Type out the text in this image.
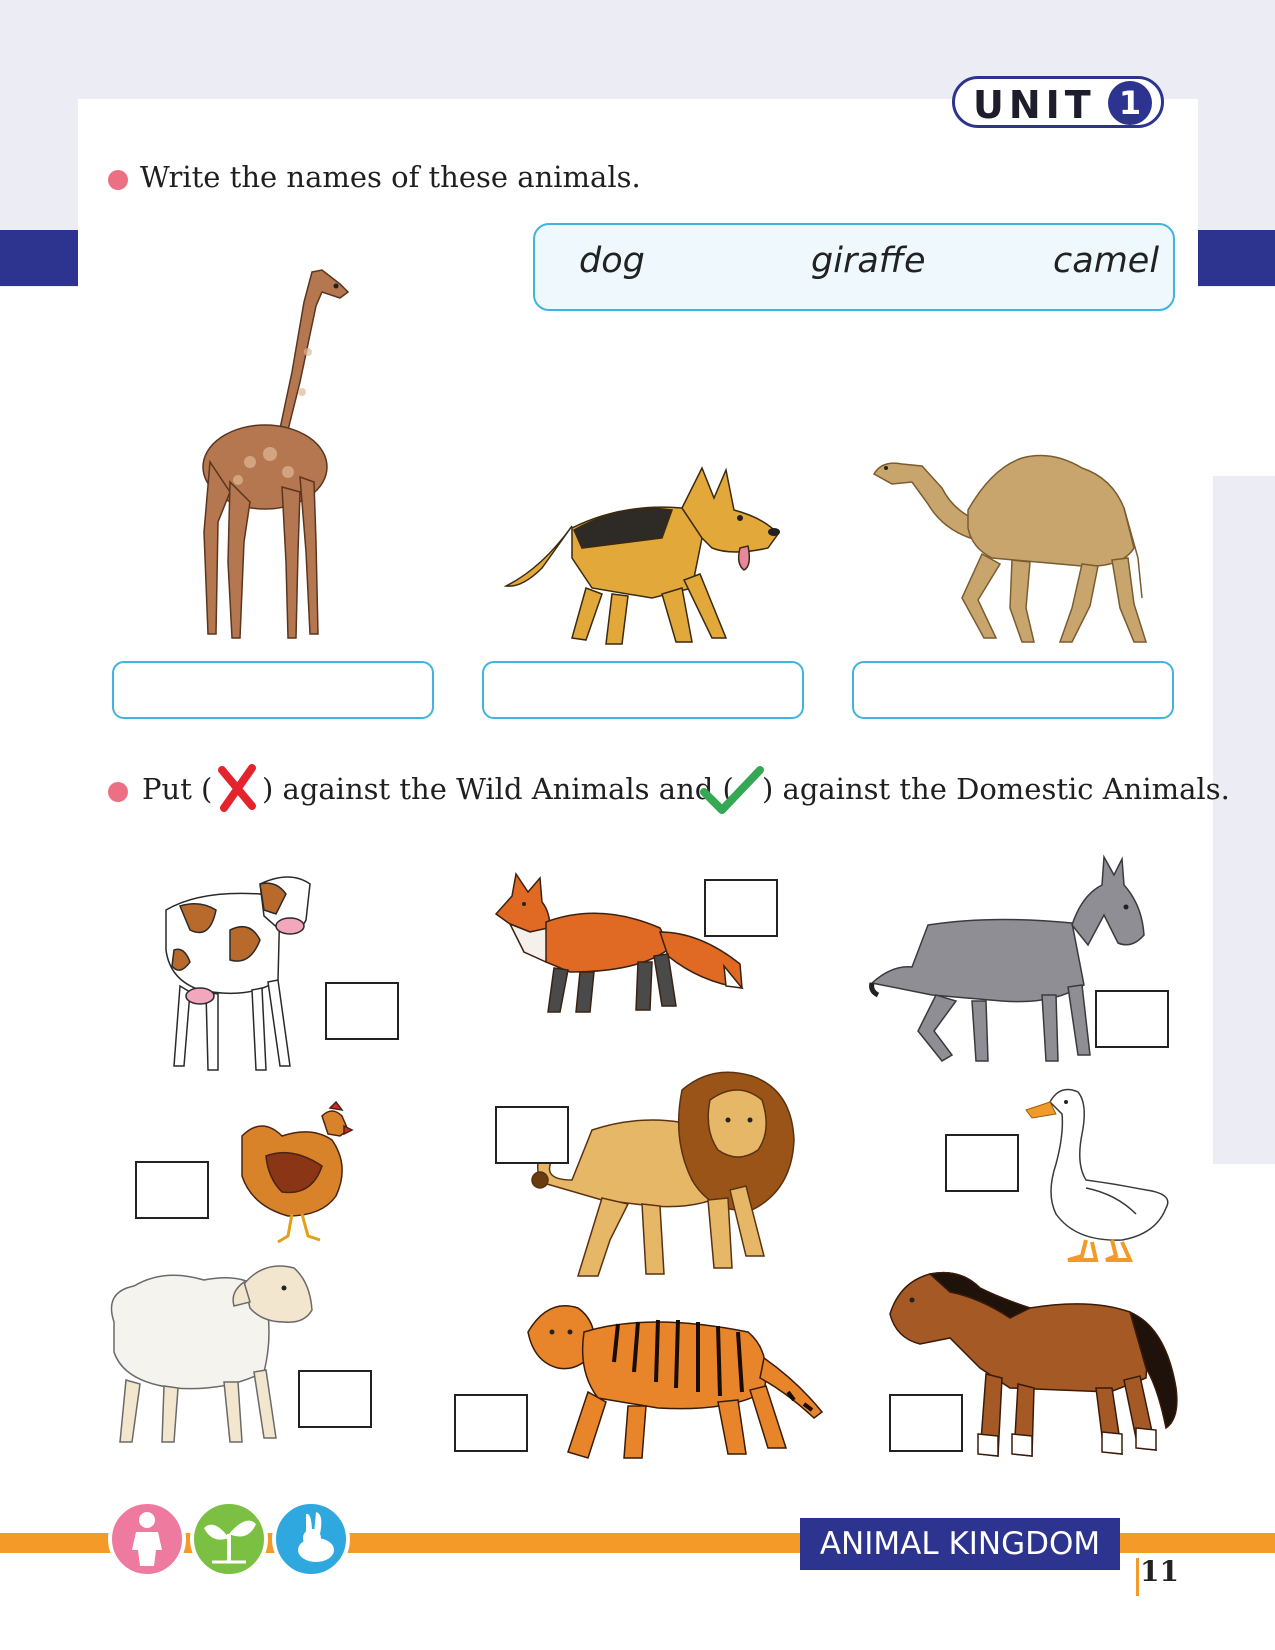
UNIT 1
Write the names of these animals.
dog	giraffe	camel
Put ( ) against the Wild Animals and ( ) against the Domestic Animals.
ANIMAL KINGDOM
11
